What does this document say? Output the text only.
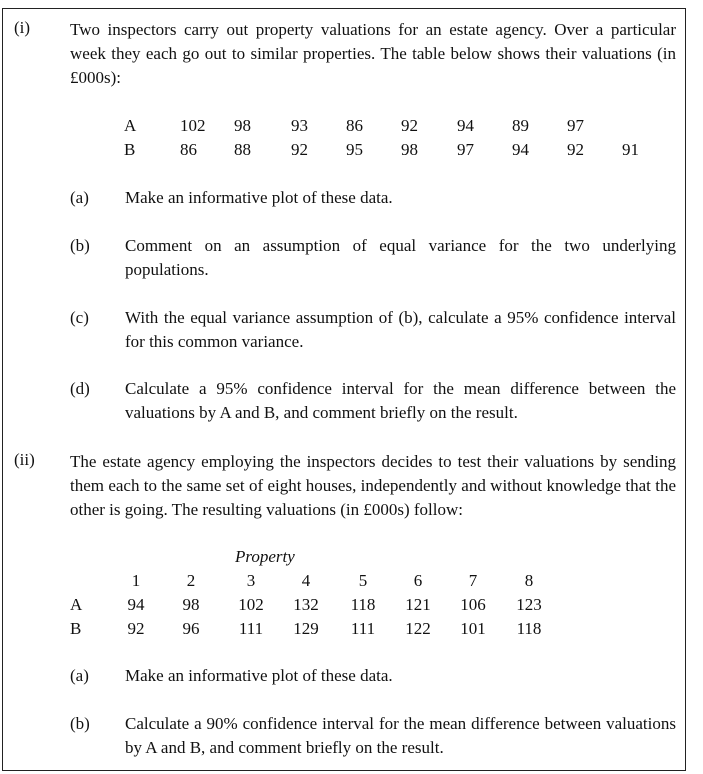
(i) Two inspectors carry out property valuations for an estate agency. Over a particular week they each go out to similar properties. The table below shows their valuations (in £000s):
A	102	98	93	86	92	94	89	97	
B	86	88	92	95	98	97	94	92	91
(a) Make an informative plot of these data.
(b) Comment on an assumption of equal variance for the two underlying populations.
(c) With the equal variance assumption of (b), calculate a 95% confidence interval for this common variance.
(d) Calculate a 95% confidence interval for the mean difference between the valuations by A and B, and comment briefly on the result.
(ii) The estate agency employing the inspectors decides to test their valuations by sending them each to the same set of eight houses, independently and without knowledge that the other is going. The resulting valuations (in £000s) follow:
Property
	1	2	3	4	5	6	7	8
A	94	98	102	132	118	121	106	123
B	92	96	111	129	111	122	101	118
(a) Make an informative plot of these data.
(b) Calculate a 90% confidence interval for the mean difference between valuations by A and B, and comment briefly on the result.
